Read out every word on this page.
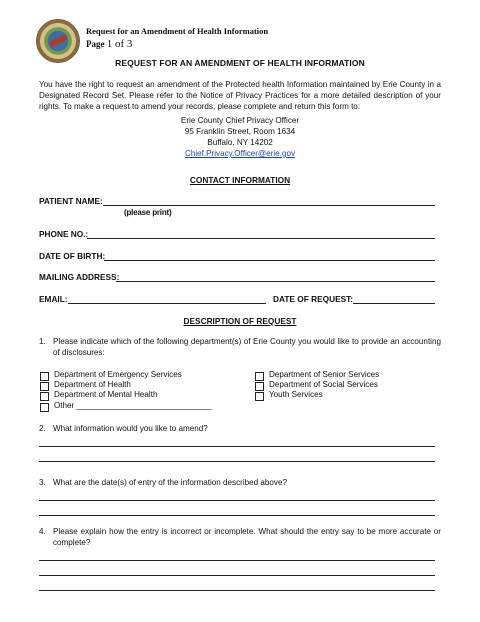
Request for an Amendment of Health Information
Page 1 of 3
REQUEST FOR AN AMENDMENT OF HEALTH INFORMATION

You have the right to request an amendment of the Protected health Information maintained by Erie County in a Designated Record Set. Please refer to the Notice of Privacy Practices for a more detailed description of your rights. To make a request to amend your records, please complete and return this form to:

Erie County Chief Privacy Officer
95 Franklin Street, Room 1634
Buffalo, NY 14202
Chief.Privacy.Officer@erie.gov
CONTACT INFORMATION
PATIENT NAME:
(please print)
PHONE NO.:
DATE OF BIRTH:
MAILING ADDRESS:
EMAIL:	DATE OF REQUEST:
DESCRIPTION OF REQUEST
1. Please indicate which of the following department(s) of Erie County you would like to provide an accounting of disclosures:
Department of Emergency Services
Department of Health
Department of Mental Health
Other ______________________________
Department of Senior Services
Department of Social Services
Youth Services
2. What information would you like to amend?
3. What are the date(s) of entry of the information described above?
4. Please explain how the entry is incorrect or incomplete. What should the entry say to be more accurate or complete?
